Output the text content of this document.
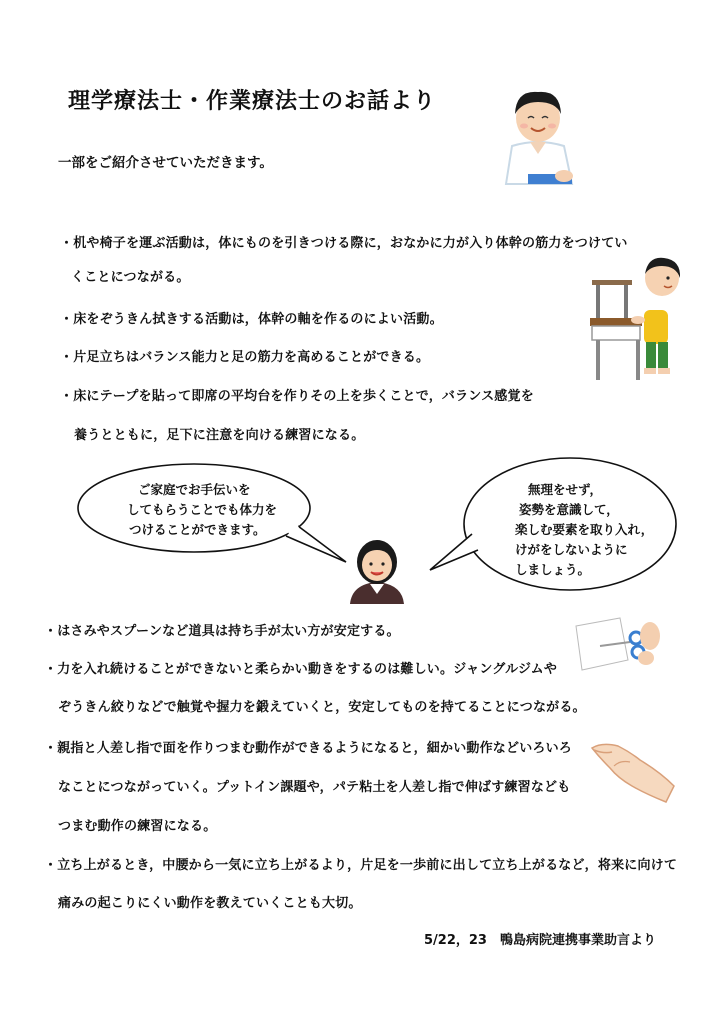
理学療法士・作業療法士のお話より
一部をご紹介させていただきます。
・机や椅子を運ぶ活動は，体にものを引きつける際に，おなかに力が入り体幹の筋力をつけてい
くことにつながる。
・床をぞうきん拭きする活動は，体幹の軸を作るのによい活動。
・片足立ちはバランス能力と足の筋力を高めることができる。
・床にテープを貼って即席の平均台を作りその上を歩くことで，バランス感覚を
養うとともに，足下に注意を向ける練習になる。
ご家庭でお手伝いを
してもらうことでも体力を
つけることができます。
無理をせず，
姿勢を意識して，
楽しむ要素を取り入れ，
けがをしないように
しましょう。
・はさみやスプーンなど道具は持ち手が太い方が安定する。
・力を入れ続けることができないと柔らかい動きをするのは難しい。ジャングルジムや
ぞうきん絞りなどで触覚や握力を鍛えていくと，安定してものを持てることにつながる。
・親指と人差し指で面を作りつまむ動作ができるようになると，細かい動作などいろいろ
なことにつながっていく。プットイン課題や，パテ粘土を人差し指で伸ばす練習なども
つまむ動作の練習になる。
・立ち上がるとき，中腰から一気に立ち上がるより，片足を一歩前に出して立ち上がるなど，将来に向けて
痛みの起こりにくい動作を教えていくことも大切。
5/22，23　鴨島病院連携事業助言より
